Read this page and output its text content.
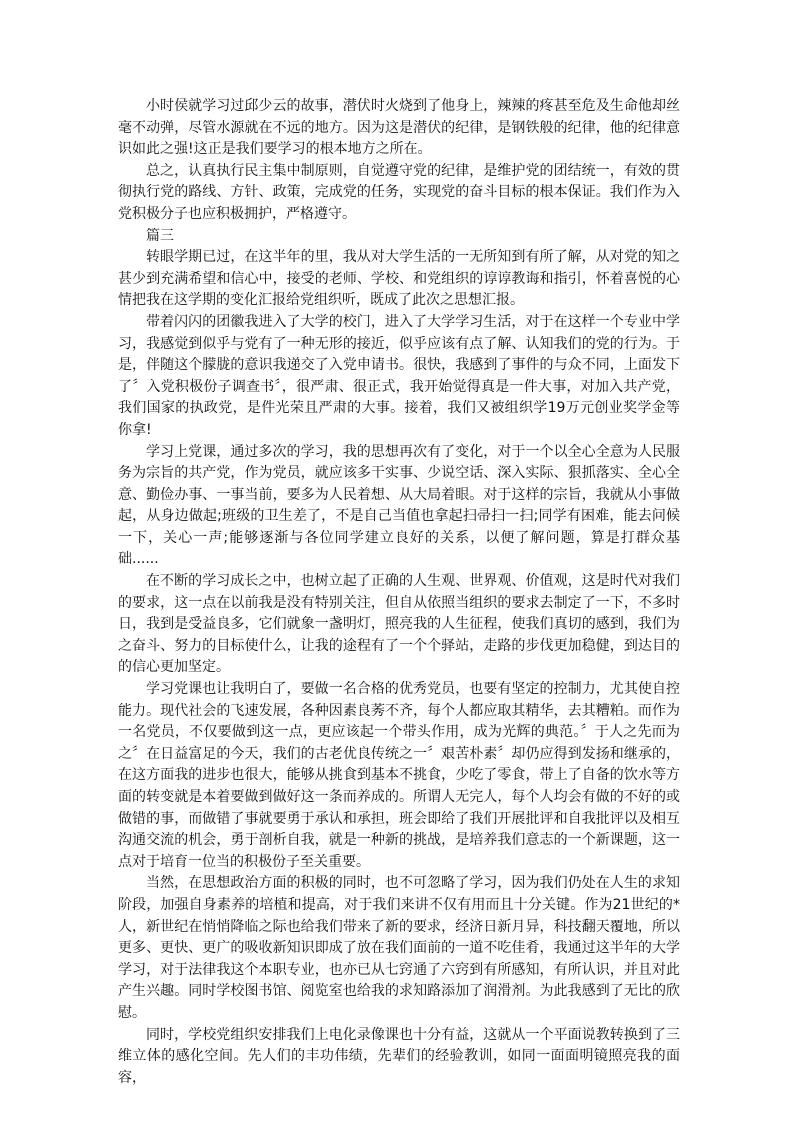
小时侯就学习过邱少云的故事，潜伏时火烧到了他身上，辣辣的疼甚至危及生命他却丝毫不动弹，尽管水源就在不远的地方。因为这是潜伏的纪律，是钢铁般的纪律，他的纪律意识如此之强!这正是我们要学习的根本地方之所在。

总之，认真执行民主集中制原则，自觉遵守党的纪律，是维护党的团结统一，有效的贯彻执行党的路线、方针、政策，完成党的任务，实现党的奋斗目标的根本保证。我们作为入党积极分子也应积极拥护，严格遵守。

篇三

转眼学期已过，在这半年的里，我从对大学生活的一无所知到有所了解，从对党的知之甚少到充满希望和信心中，接受的老师、学校、和党组织的谆谆教诲和指引，怀着喜悦的心情把我在这学期的变化汇报给党组织听，既成了此次之思想汇报。

带着闪闪的团徽我进入了大学的校门，进入了大学学习生活，对于在这样一个专业中学习，我感觉到似乎与党有了一种无形的接近，似乎应该有点了解、认知我们的党的行为。于是，伴随这个朦胧的意识我递交了入党申请书。很快，我感到了事件的与众不同，上面发下了〞入党积极份子调查书〞，很严肃、很正式，我开始觉得真是一件大事，对加入共产党，我们国家的执政党，是件光荣且严肃的大事。接着，我们又被组织学19万元创业奖学金等你拿!

学习上党课，通过多次的学习，我的思想再次有了变化，对于一个以全心全意为人民服务为宗旨的共产党，作为党员，就应该多干实事、少说空话、深入实际、狠抓落实、全心全意、勤俭办事、一事当前，要多为人民着想、从大局着眼。对于这样的宗旨，我就从小事做起，从身边做起;班级的卫生差了，不是自己当值也拿起扫帚扫一扫;同学有困难，能去问候一下，关心一声;能够逐渐与各位同学建立良好的关系，以便了解问题，算是打群众基础......

在不断的学习成长之中，也树立起了正确的人生观、世界观、价值观，这是时代对我们的要求，这一点在以前我是没有特别关注，但自从依照当组织的要求去制定了一下，不多时日，我到是受益良多，它们就象一盏明灯，照亮我的人生征程，使我们真切的感到，我们为之奋斗、努力的目标使什么，让我的途程有了一个个驿站，走路的步伐更加稳健，到达目的的信心更加坚定。

学习党课也让我明白了，要做一名合格的优秀党员，也要有坚定的控制力，尤其使自控能力。现代社会的飞速发展，各种因素良莠不齐，每个人都应取其精华，去其糟粕。而作为一名党员，不仅要做到这一点，更应该起一个带头作用，成为光辉的典范。〞于人之先而为之〞在日益富足的今天，我们的古老优良传统之一〞艰苦朴素〞却仍应得到发扬和继承的，在这方面我的进步也很大，能够从挑食到基本不挑食，少吃了零食，带上了自备的饮水等方面的转变就是本着要做到做好这一条而养成的。所谓人无完人，每个人均会有做的不好的或做错的事，而做错了事就要勇于承认和承担，班会即给了我们开展批评和自我批评以及相互沟通交流的机会，勇于剖析自我，就是一种新的挑战，是培养我们意志的一个新课题，这一点对于培育一位当的积极份子至关重要。

当然，在思想政治方面的积极的同时，也不可忽略了学习，因为我们仍处在人生的求知阶段，加强自身素养的培植和提高，对于我们来讲不仅有用而且十分关键。作为21世纪的*人，新世纪在悄悄降临之际也给我们带来了新的要求，经济日新月异，科技翻天覆地，所以更多、更快、更广的吸收新知识即成了放在我们面前的一道不吃佳肴，我通过这半年的大学学习，对于法律我这个本职专业，也亦已从七窍通了六窍到有所感知，有所认识，并且对此产生兴趣。同时学校图书馆、阅览室也给我的求知路添加了润滑剂。为此我感到了无比的欣慰。

同时，学校党组织安排我们上电化录像课也十分有益，这就从一个平面说教转换到了三维立体的感化空间。先人们的丰功伟绩，先辈们的经验教训，如同一面面明镜照亮我的面容，
